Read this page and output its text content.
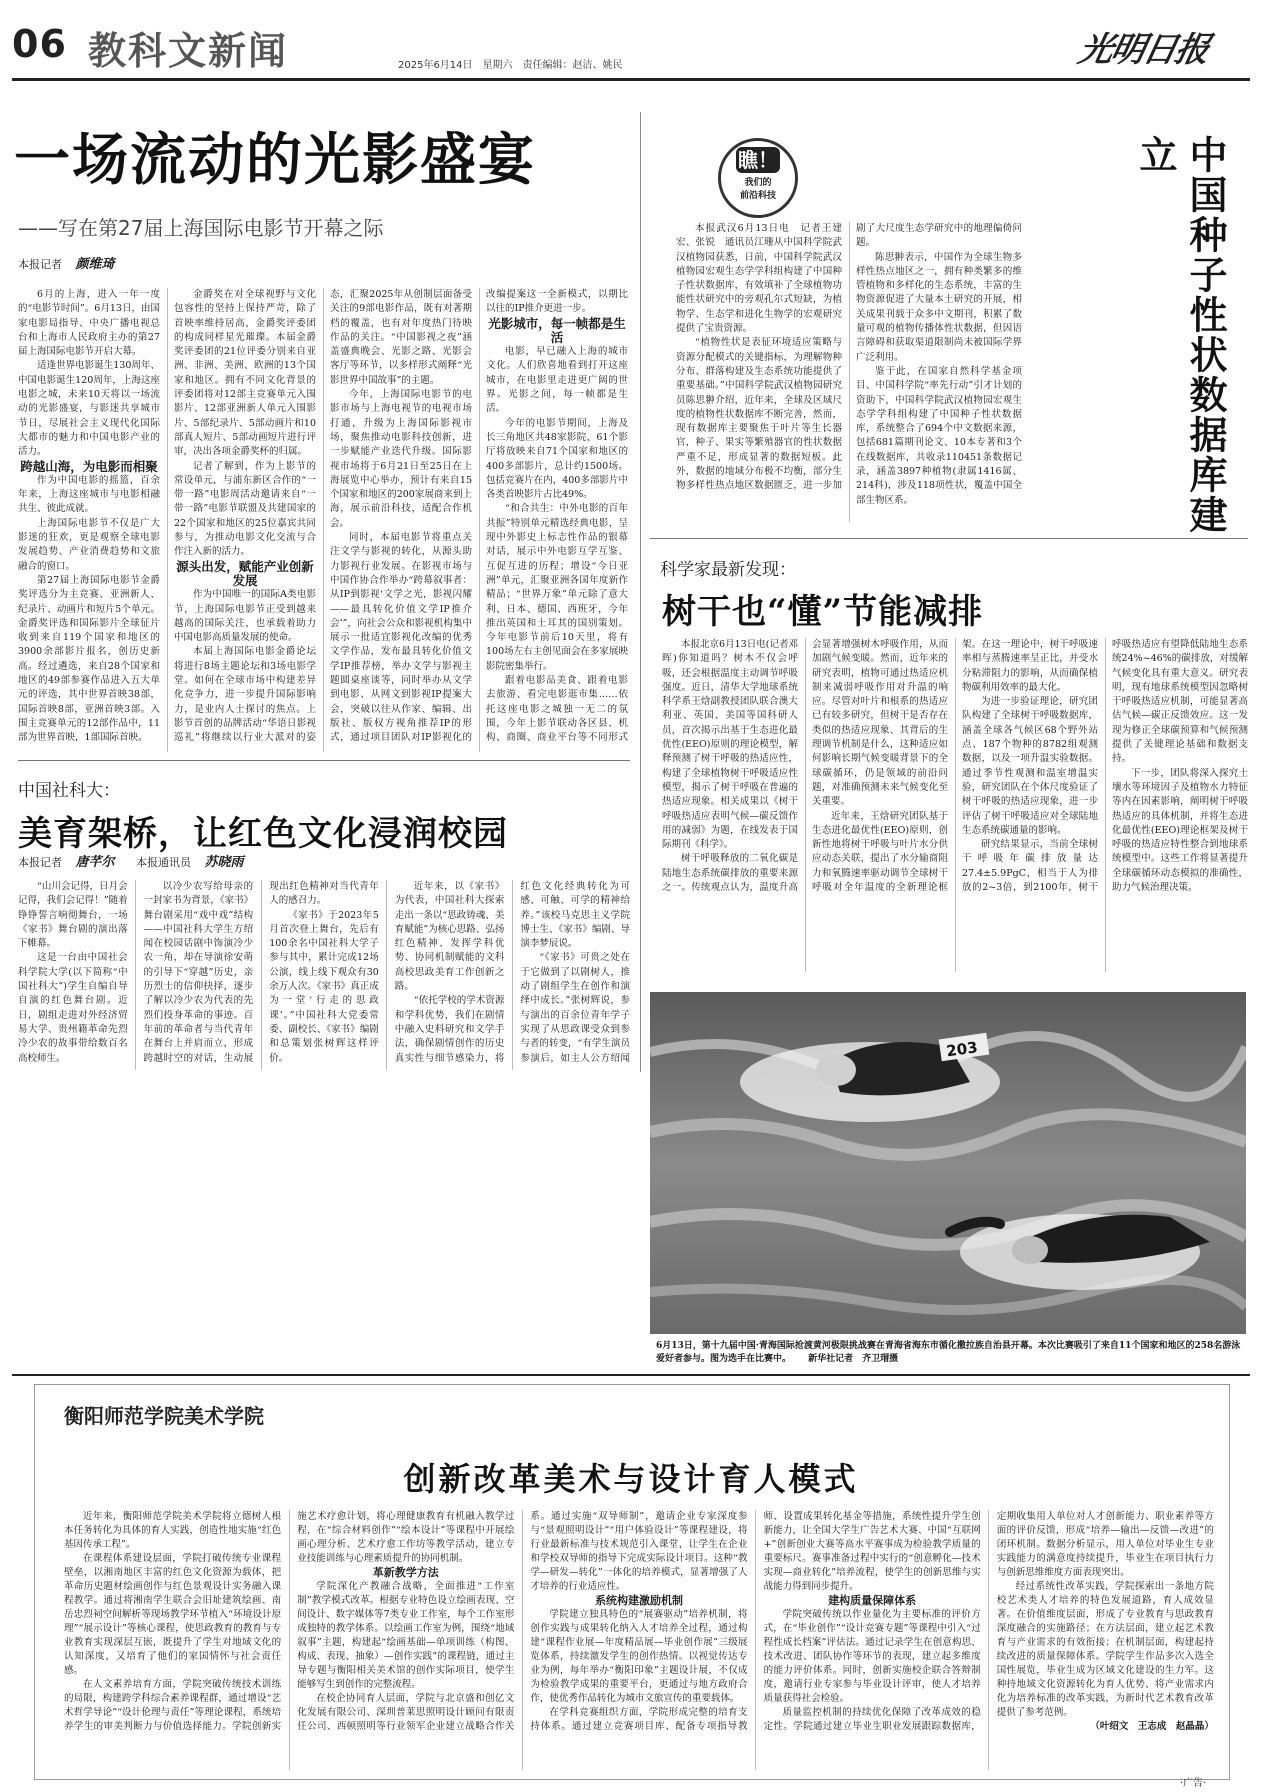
06 教科文新闻	2025年6月14日　星期六　责任编辑：赵洁、姚民	光明日报
一场流动的光影盛宴
——写在第27届上海国际电影节开幕之际
本报记者 颜维琦

6月的上海，进入一年一度的“电影节时间”。6月13日，由国家电影局指导、中央广播电视总台和上海市人民政府主办的第27届上海国际电影节开启大幕。

适逢世界电影诞生130周年、中国电影诞生120周年，上海这座电影之城，未来10天将以一场流动的光影盛宴，与影迷共享城市节日，尽展社会主义现代化国际大都市的魅力和中国电影产业的活力。

跨越山海，为电影而相聚

作为中国电影的摇篮，百余年来，上海这座城市与电影相融共生、彼此成就。

上海国际电影节不仅是广大影迷的狂欢，更是观察全球电影发展趋势、产业消费趋势和文旅融合的窗口。

第27届上海国际电影节金爵奖评选分为主竞赛、亚洲新人、纪录片、动画片和短片5个单元。金爵奖评选和国际影片全球征片收到来自119个国家和地区的3900余部影片报名，创历史新高。经过遴选，来自28个国家和地区的49部参赛作品进入五大单元的评选，其中世界首映38部，国际首映8部，亚洲首映3部。入围主竞赛单元的12部作品中，11部为世界首映，1部国际首映。

金爵奖在对全球视野与文化包容性的坚持上保持严苛，除了首映率维持居高，金爵奖评委团的构成同样星光璀璨。本届金爵奖评委团的21位评委分别来自亚洲、非洲、美洲、欧洲的13个国家和地区。拥有不同文化背景的评委团将对12部主竞赛单元入围影片、12部亚洲新人单元入围影片、5部纪录片、5部动画片和10部真人短片、5部动画短片进行评审，决出各项金爵奖杯的归属。

记者了解到，作为上影节的常设单元，与浦东新区合作的“一带一路”电影周活动邀请来自“一带一路”电影节联盟及共建国家的22个国家和地区的25位嘉宾共同参与，为推动电影文化交流与合作注入新的活力。

源头出发，赋能产业创新发展

作为中国唯一的国际A类电影节，上海国际电影节正受到越来越高的国际关注，也承载着助力中国电影高质量发展的使命。

本届上海国际电影金爵论坛将进行8场主题论坛和3场电影学堂。如何在全球市场中构建差异化竞争力，进一步提升国际影响力，是业内人士探讨的焦点。上影节首创的品牌活动“华语日影视巡礼”将继续以行业大派对的姿态，汇聚2025年从创制层面备受关注的9部电影作品，既有对著期档的覆盖，也有对年度热门待映作品的关注。“中国影视之夜”涵盖盛典晚会、光影之路、光影会客厅等环节，以多样形式阐释“光影世界中国故事”的主题。

今年，上海国际电影节的电影市场与上海电视节的电视市场打通，升级为上海国际影视市场，聚焦推动电影科技创新，进一步赋能产业迭代升级。国际影视市场将于6月21日至25日在上海展览中心举办，预计有来自15个国家和地区的200家展商来到上海，展示前沿科技，适配合作机会。

同时，本届电影节将重点关注文学与影视的转化，从源头助力影视行业发展。在影视市场与中国作协合作举办“跨幕叙事者：从IP到影视‘文学之光，影视闪耀——最具转化价值文学IP推介会’”，向社会公众和影视机构集中展示一批适宜影视化改编的优秀文学作品，发布最具转化价值文学IP推荐榜，举办文学与影视主题圆桌座谈等，同时举办从文学到电影、从网文到影视IP提案大会，突破以往从作家、编辑、出版社、版权方视角推荐IP的形式，通过项目团队对IP影视化的改编提案这一全新模式，以期比以往的IP推介更进一步。

光影城市，每一帧都是生活

电影，早已融入上海的城市文化。人们欣喜地看到打开这座城市，在电影里走进更广阔的世界。光影之间，每一帧都是生活。

今年的电影节期间，上海及长三角地区共48家影院、61个影厅将放映来自71个国家和地区的400多部影片，总计约1500场。包括竞赛片在内，400多部影片中各类首映影片占比49%。

“和合共生：中外电影的百年共振”特别单元精选经典电影，呈现中外影史上标志性作品的银幕对话，展示中外电影互学互鉴、互促互进的历程；增设“今日亚洲”单元，汇聚亚洲各国年度新作精品；“世界万象”单元除了意大利、日本、德国、西班牙，今年推出英国和土耳其的国别策划。今年电影节前后10天里，将有100场左右主创见面会在多家展映影院密集举行。

跟着电影品美食、跟着电影去旅游、看完电影逛市集……依托这座电影之城独一无二的氛围，今年上影节联动各区县、机构、商圈、商业平台等不同形式

瞧！
我们的
前沿科技

本报武汉6月13日电　记者王建宏、张锐　通讯员江珊从中国科学院武汉植物园获悉，日前，中国科学院武汉植物园宏观生态学学科组构建了中国种子性状数据库，有效填补了全球植物功能性状研究中的旁观孔尔式短缺，为植物学、生态学和进化生物学的宏观研究提供了宝贵资源。

“植物性状是表征环境适应策略与资源分配模式的关键指标，为理解物种分布、群落构建及生态系统功能提供了重要基础。”中国科学院武汉植物园研究员陈思翀介绍，近年来，全球及区域尺度的植物性状数据库不断完善，然而，现有数据库主要聚焦于叶片等生长器官，种子、果实等繁殖器官的性状数据严重不足，形成显著的数据短板。此外，数据的地域分布极不均衡，部分生物多样性热点地区数据匮乏，进一步加剧了大尺度生态学研究中的地理偏倚问题。

陈思翀表示，中国作为全球生物多样性热点地区之一，拥有种类繁多的维管植物和多样化的生态系统，丰富的生物资源促进了大量本土研究的开展，相关成果刊载于众多中文期刊，积累了数量可观的植物传播体性状数据，但因语言障碍和获取渠道限制尚未被国际学界广泛利用。

鉴于此，在国家自然科学基金项目、中国科学院“率先行动”引才计划的资助下，中国科学院武汉植物园宏观生态学学科组构建了中国种子性状数据库，系统整合了694个中文数据来源，包括681篇期刊论文、10本专著和3个在线数据库，共收录110451条数据记录，涵盖3897种植物(隶属1416属、214科)，涉及118项性状，覆盖中国全部生物区系。	中国种子性状数据库建立
科学家最新发现：
树干也“懂”节能减排

本报北京6月13日电(记者邓晖)你知道吗？树木不仅会呼吸，还会根据温度主动调节呼吸强度。近日，清华大学地球系统科学系王焓副教授团队联合澳大利亚、英国、美国等国科研人员，首次揭示出基于生态进化最优性(EEO)原则的理论模型，解释预测了树干呼吸的热适应性，构建了全球植物树干呼吸适应性模型，揭示了树干呼吸在普遍的热适应现象。相关成果以《树干呼吸热适应表明气候—碳反馈作用的减弱》为题，在线发表于国际期刊《科学》。

树干呼吸释放的二氧化碳是陆地生态系统碳排放的重要来源之一。传统观点认为，温度升高会显著增强树木呼吸作用，从而加剧气候变暖。然而，近年来的研究表明，植物可通过热适应机制来减弱呼吸作用对升温的响应。尽管对叶片和根系的热适应已有较多研究，但树干是否存在类似的热适应现象、其背后的生理调节机制是什么，这种适应如何影响长期气候变暖背景下的全球碳循环，仍是领域的前沿问题，对准确预测未来气候变化至关重要。

近年来，王焓研究团队基于生态进化最优性(EEO)原则，创新性地将树干呼吸与叶片水分供应动态关联，提出了水分输商阻力和氧腾速率驱动调节全球树干呼吸对全年温度的全新理论框架。在这一理论中，树干呼吸速率相与蒸腾速率呈正比，并受水分粘滞阻力的影响，从而确保植物碳利用效率的最大化。

为进一步验证理论，研究团队构建了全球树干呼吸数据库，涵盖全球各气候区68个野外站点、187个物种的8782组观测数据，以及一项升温实验数据。通过季节性观测和温室增温实验，研究团队在个体尺度验证了树干呼吸的热适应现象，进一步评估了树干呼吸适应对全球陆地生态系统碳通量的影响。

研究结果显示，当前全球树干呼吸年碳排放量达27.4±5.9PgC，相当于人为排放的2~3倍，到2100年，树干呼吸热适应有望降低陆地生态系统24%~46%的碳排放，对缓解气候变化具有重大意义。研究表明，现有地球系统模型因忽略树干呼吸热适应机制，可能显著高估气候—碳正反馈效应。这一发现为修正全球碳预算和气候预测提供了关键理论基础和数据支持。

下一步，团队将深入探究土壤水等环境因子及植物水力特征等内在因素影响，阐明树干呼吸热适应的具体机制，并将生态进化最优性(EEO)理论框架及树干呼吸的热适应特性整合到地球系统模型中。这些工作将显著提升全球碳循环动态模拟的准确性，助力气候治理决策。

中国社科大：
美育架桥，让红色文化浸润校园
本报记者 唐芊尔 本报通讯员 苏晓雨

“山川会记得，日月会记得，我们会记得！”随着铮铮誓言响彻舞台，一场《家书》舞台剧的演出落下帷幕。

这是一台由中国社会科学院大学(以下简称“中国社科大”)学生自编自导自演的红色舞台剧。近日，剧组走进对外经济贸易大学、贵州籍革命先烈冷少农的故事带给数百名高校师生。

以冷少农写给母亲的一封家书为背景，《家书》舞台剧采用“戏中戏”结构——中国社科大学生方绍闻在校园话剧中饰演冷少农一角，却在导演徐安萌的引导下“穿越”历史，亲历烈士的信仰抉择，逐步了解以冷少农为代表的先烈们投身革命的事迹。百年前的革命者与当代青年在舞台上并肩而立，形成跨越时空的对话，生动展现出红色精神对当代青年人的感召力。

《家书》于2023年5月首次登上舞台，先后有100余名中国社科大学子参与其中，累计完成12场公演，线上线下观众有30余万人次。《家书》真正成为一堂‘行走的思政课’。”中国社科大党委常委、副校长、《家书》编剧和总策划张树辉这样评价。

近年来，以《家书》为代表，中国社科大探索走出一条以“思政铸魂、美育赋能”为核心思路、弘扬红色精神、发挥学科优势、协同机制赋能的文科高校思政美育工作创新之路。

“依托学校的学术资源和学科优势，我们在剧情中融入史料研究和文学手法，确保剧情创作的历史真实性与细节感染力，将红色文化经典转化为可感、可触、可学的精神给养。”该校马克思主义学院博士生、《家书》编剧、导演李梦辰说。

“《家书》可贵之处在于它做到了以剧树人，推动了剧组学生在创作和演绎中成长。”张树辉说，参与演出的百余位青年学子实现了从思政课受众到参与者的转变，“有学生演员参演后，如主人公方绍闻	203
6月13日，第十九届中国·青海国际抢渡黄河极限挑战赛在青海省海东市循化撒拉族自治县开幕。本次比赛吸引了来自11个国家和地区的258名游泳爱好者参与。图为选手在比赛中。 新华社记者　齐卫瑁摄
衡阳师范学院美术学院
创新改革美术与设计育人模式

近年来，衡阳师范学院美术学院将立德树人根本任务转化为具体的育人实践，创造性地实施“红色基因传承工程”。

在课程体系建设层面，学院打破传统专业课程壁垒，以湘南地区丰富的红色文化资源为载体，把革命历史题材绘画创作与红色景观设计实务融入课程教学。通过将湘南学生联合会旧址建筑绘画、南岳忠烈祠空间解析等现场教学环节植入“环境设计原理”“展示设计”等核心课程，使思政教育的教育与专业教育实现深层互嵌，既提升了学生对地域文化的认知深度，又培育了他们的家国情怀与社会责任感。

在人文素养培育方面，学院突破传统技术训练的局限，构建跨学科综合素养课程群，通过增设“艺术哲学导论”“设计伦理与责任”等理论课程，系统培养学生的审美判断力与价值选择能力。学院创新实施艺术疗愈计划，将心理健康教育有机融入教学过程，在“综合材料创作”“绘本设计”等课程中开展绘画心理分析、艺术疗愈工作坊等教学活动，建立专业技能训练与心理素质提升的协同机制。

革新教学方法

学院深化产教融合战略，全面推进“工作室制”教学模式改革。根据专业特色设立绘画表现、空间设计、数字媒体等7类专业工作室，每个工作室形成独特的教学体系。以绘画工作室为例，围绕“地域叙事”主题，构建起“绘画基础—单项训练（构图、构成、表现、抽象）—创作实践”的课程链，通过主导专题与衡阳相关美术馆的创作实际项目，使学生能够写生到创作的完整流程。

在校企协同育人层面，学院与北京盛和创亿文化发展有限公司、深圳普莱思照明设计顾问有限责任公司、西顿照明等行业领军企业建立战略合作关系。通过实施“双导师制”，邀请企业专家深度参与“景观照明设计”“用户体验设计”等课程建设，将行业最新标准与技术规范引入课堂，让学生在企业和学校双导师的指导下完成实际设计项目。这种“教学—研发—转化”一体化的培养模式，显著增强了人才培养的行业适应性。

系统构建激励机制

学院建立独具特色的“展赛驱动”培养机制，将创作实践与成果转化纳入人才培养全过程，通过构建“课程作业展—年度精品展—毕业创作展”三级展览体系，持续激发学生的创作热情。以视觉传达专业为例，每年举办“衡阳印象”主题设计展，不仅成为检验教学成果的重要平台，更通过与地方政府合作，使优秀作品转化为城市文旅宣传的重要载体。

在学科竞赛组织方面，学院形成完整的培育支持体系。通过建立竞赛项目库、配备专项指导教师、设置成果转化基金等措施，系统性提升学生创新能力，让全国大学生广告艺术大赛、中国“互联网+”创新创业大赛等高水平赛事成为检验教学质量的重要标尺。赛事准备过程中实行的“创意孵化—技术实现—商业转化”培养流程，使学生的创新思维与实战能力得到同步提升。

建构质量保障体系

学院突破传统以作业量化为主要标准的评价方式，在“毕业创作”“设计竞赛专题”等课程中引入“过程性成长档案”评估法。通过记录学生在创意构思、技术改进、团队协作等环节的表现，建立起多维度的能力评价体系。同时，创新实施校企联合答辩制度，邀请行业专家参与毕业设计评审，使人才培养质量获得社会检验。

质量监控机制的持续优化保障了改革成效的稳定性。学院通过建立毕业生职业发展跟踪数据库，定期收集用人单位对人才创新能力、职业素养等方面的评价反馈，形成“培养—输出—反馈—改进”的闭环机制。数据分析显示，用人单位对毕业生专业实践能力的满意度持续提升，毕业生在项目执行力与创新思维维度方面表现突出。

经过系统性改革实践，学院探索出一条地方院校艺术类人才培养的特色发展道路，育人成效显著。在价值维度层面，形成了专业教育与思政教育深度融合的实施路径；在方法层面，建立起艺术教育与产业需求的有效衔接；在机制层面，构建起持续改进的质量保障体系。学院学生作品多次入选全国性展览，毕业生成为区域文化建设的生力军。这种持地域文化资源转化为育人优势、将产业需求内化为培养标准的改革实践，为新时代艺术教育改革提供了参考范例。

（叶绍文　王志成　赵晶晶）

·广告·
